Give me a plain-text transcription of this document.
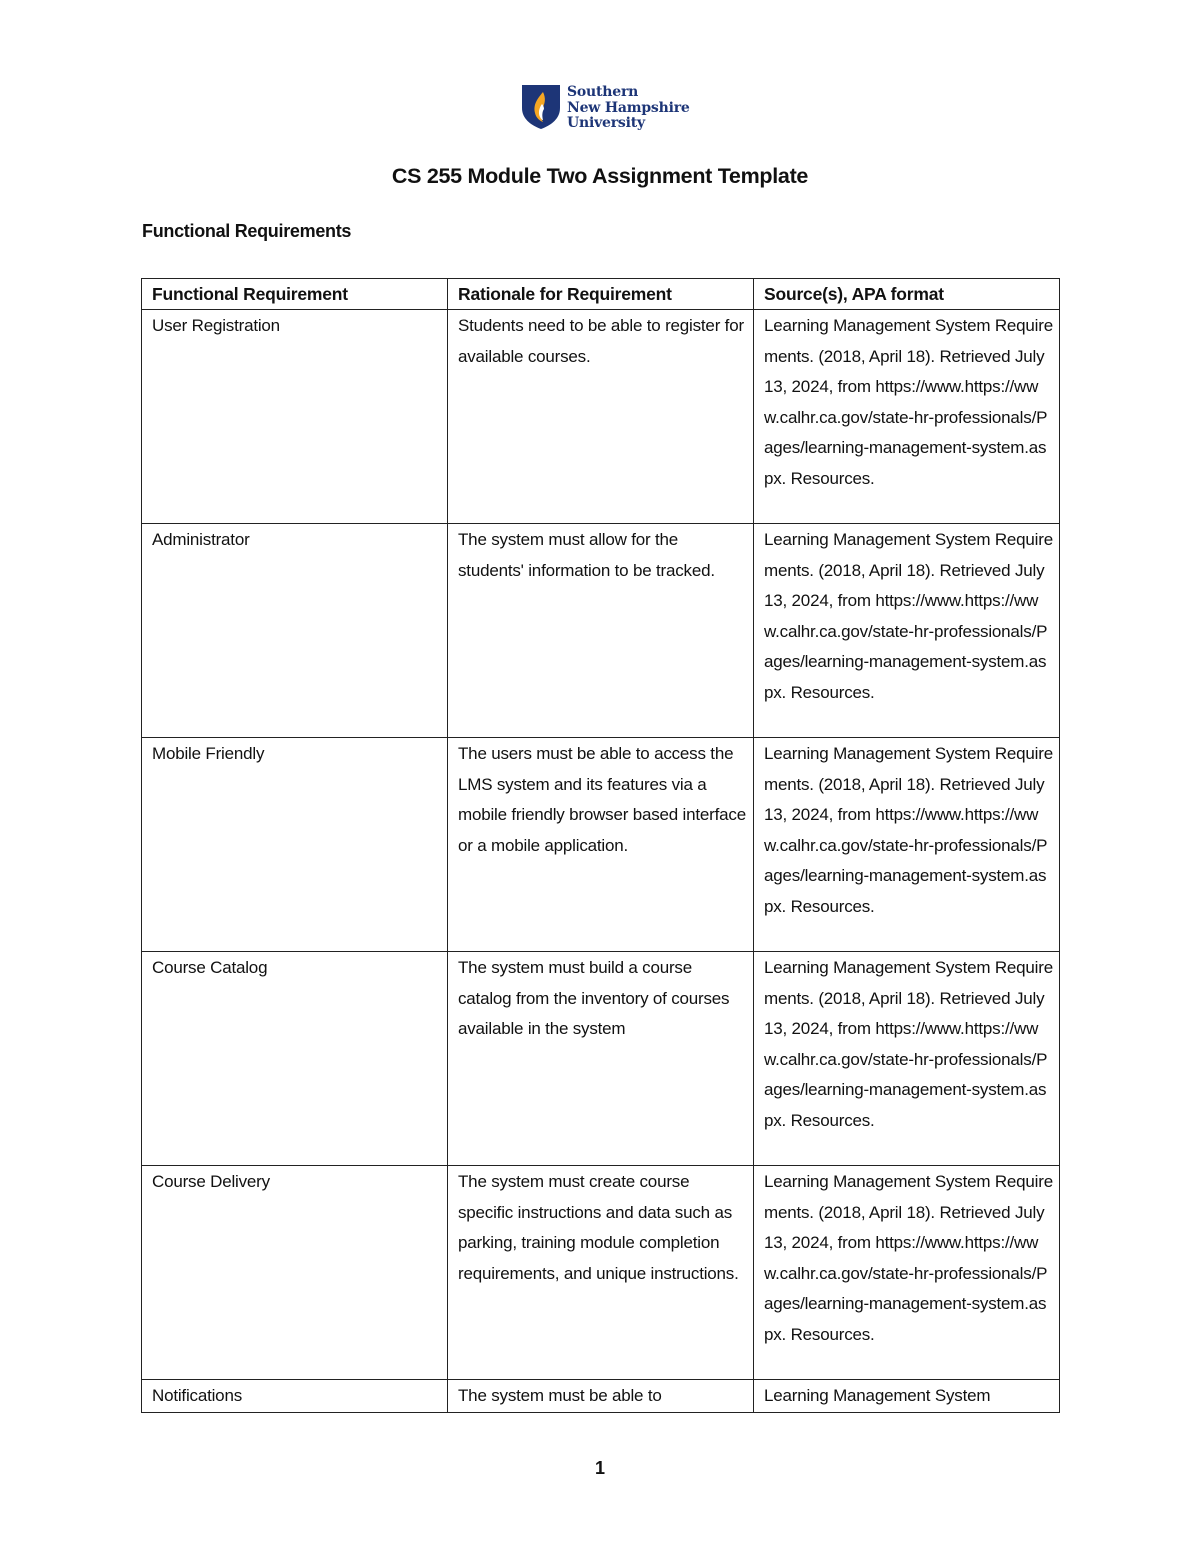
Southern
New Hampshire
University
CS 255 Module Two Assignment Template
Functional Requirements
Functional Requirement	Rationale for Requirement	Source(s), APA format
User Registration	Students need to be able to register for available courses.	Learning Management System Requirements. (2018, April 18). Retrieved July 13, 2024, from https://www.https://www.calhr.ca.gov/state-hr-professionals/Pages/learning-management-system.aspx. Resources.
Administrator	The system must allow for the students' information to be tracked.	Learning Management System Requirements. (2018, April 18). Retrieved July 13, 2024, from https://www.https://www.calhr.ca.gov/state-hr-professionals/Pages/learning-management-system.aspx. Resources.
Mobile Friendly	The users must be able to access the LMS system and its features via a mobile friendly browser based interface or a mobile application.	Learning Management System Requirements. (2018, April 18). Retrieved July 13, 2024, from https://www.https://www.calhr.ca.gov/state-hr-professionals/Pages/learning-management-system.aspx. Resources.
Course Catalog	The system must build a course catalog from the inventory of courses available in the system	Learning Management System Requirements. (2018, April 18). Retrieved July 13, 2024, from https://www.https://www.calhr.ca.gov/state-hr-professionals/Pages/learning-management-system.aspx. Resources.
Course Delivery	The system must create course specific instructions and data such as parking, training module completion requirements, and unique instructions.	Learning Management System Requirements. (2018, April 18). Retrieved July 13, 2024, from https://www.https://www.calhr.ca.gov/state-hr-professionals/Pages/learning-management-system.aspx. Resources.
Notifications	The system must be able to	Learning Management System
1
